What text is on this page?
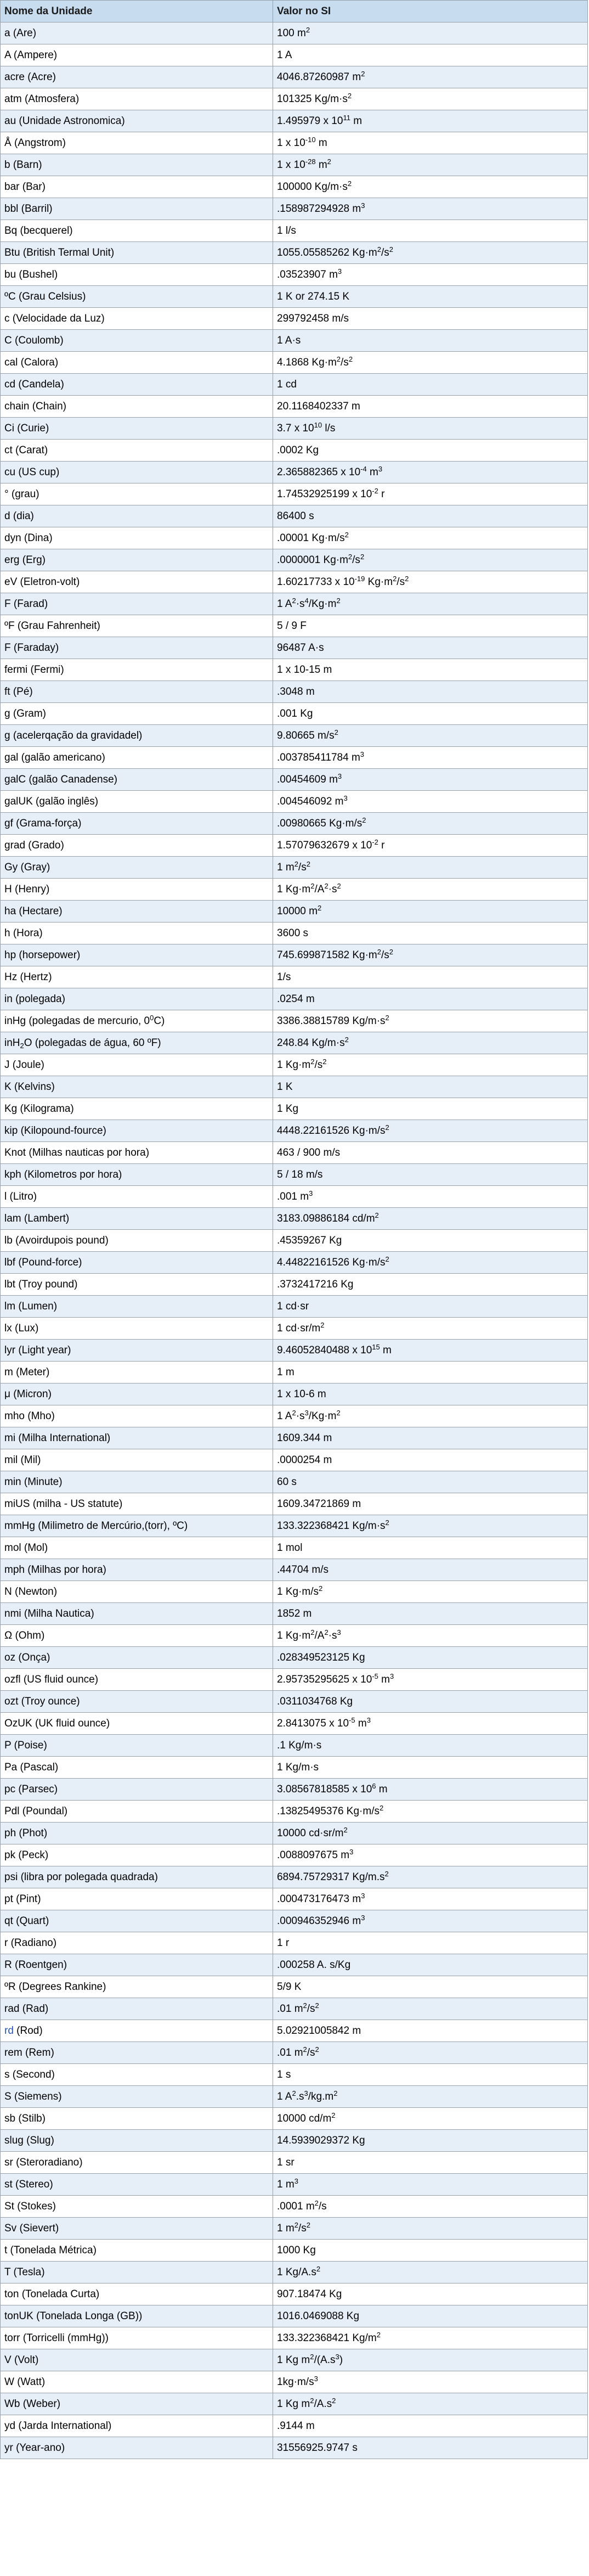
Nome da Unidade	Valor no SI
a (Are)	100 $m^2$
A (Ampere)	1 A
acre (Acre)	4046.87260987 $m^2$
atm (Atmosfera)	101325 $Kg/m\cdot s^2$
au (Unidade Astronomica)	1.495979 x $10^{11}$ m
Å (Angstrom)	1 x $10^{-10}$ m
b (Barn)	1 x $10^{-28}$ $m^2$
bar (Bar)	100000 $Kg/m\cdot s^2$
bbl (Barril)	.158987294928 $m^3$
Bq (becquerel)	1 l/s
Btu (British Termal Unit)	1055.05585262 $Kg\cdot m^2/s^2$
bu (Bushel)	.03523907 $m^3$
ºC (Grau Celsius)	1 K or 274.15 K
c (Velocidade da Luz)	299792458 m/s
C (Coulomb)	1 A·s
cal (Calora)	4.1868 $Kg\cdot m^2/s^2$
cd (Candela)	1 cd
chain (Chain)	20.1168402337 m
Ci (Curie)	3.7 x $10^{10}$ l/s
ct (Carat)	.0002 Kg
cu (US cup)	2.365882365 x $10^{-4}$ $m^3$
° (grau)	1.74532925199 x $10^{-2}$ r
d (dia)	86400 s
dyn (Dina)	.00001 $Kg\cdot m/s^2$
erg (Erg)	.0000001 $Kg\cdot m^2/s^2$
eV (Eletron-volt)	1.60217733 x $10^{-19}$ $Kg\cdot m^2/s^2$
F (Farad)	1 $A^2\cdot s^4/Kg\cdot m^2$
ºF (Grau Fahrenheit)	5 / 9 F
F (Faraday)	96487 A·s
fermi (Fermi)	1 x 10-15 m
ft (Pé)	.3048 m
g (Gram)	.001 Kg
g (acelerqação da gravidadel)	9.80665 $m/s^2$
gal (galão americano)	.003785411784 $m^3$
galC (galão Canadense)	.00454609 $m^3$
galUK (galão inglês)	.004546092 $m^3$
gf (Grama-força)	.00980665 $Kg\cdot m/s^2$
grad (Grado)	1.57079632679 x $10^{-2}$ r
Gy (Gray)	1 $m^2/s^2$
H (Henry)	1 $Kg\cdot m^2/A^2\cdot s^2$
ha (Hectare)	10000 $m^2$
h (Hora)	3600 s
hp (horsepower)	745.699871582 $Kg\cdot m^2/s^2$
Hz (Hertz)	1/s
in (polegada)	.0254 m
inHg (polegadas de mercurio, $0^0C$)	3386.38815789 $Kg/m\cdot s^2$
inH$_2$O (polegadas de água, 60 ºF)	248.84 $Kg/m\cdot s^2$
J (Joule)	1 $Kg\cdot m^2/s^2$
K (Kelvins)	1 K
Kg (Kilograma)	1 Kg
kip (Kilopound-fource)	4448.22161526 $Kg\cdot m/s^2$
Knot (Milhas nauticas por hora)	463 / 900 m/s
kph (Kilometros por hora)	5 / 18 m/s
l (Litro)	.001 $m^3$
lam (Lambert)	3183.09886184 $cd/m^2$
lb (Avoirdupois pound)	.45359267 Kg
lbf (Pound-force)	4.44822161526 $Kg\cdot m/s^2$
lbt (Troy pound)	.3732417216 Kg
lm (Lumen)	1 cd·sr
lx (Lux)	1 $cd\cdot sr/m^2$
lyr (Light year)	9.46052840488 x $10^{15}$ m
m (Meter)	1 m
μ (Micron)	1 x 10-6 m
mho (Mho)	1 $A^2\cdot s^3/Kg\cdot m^2$
mi (Milha International)	1609.344 m
mil (Mil)	.0000254 m
min (Minute)	60 s
miUS (milha - US statute)	1609.34721869 m
mmHg (Milimetro de Mercúrio,(torr), ºC)	133.322368421 $Kg/m\cdot s^2$
mol (Mol)	1 mol
mph (Milhas por hora)	.44704 m/s
N (Newton)	1 $Kg\cdot m/s^2$
nmi (Milha Nautica)	1852 m
Ω (Ohm)	1 $Kg\cdot m^2/A^2\cdot s^3$
oz (Onça)	.028349523125 Kg
ozfl (US fluid ounce)	2.95735295625 x $10^{-5}$ $m^3$
ozt (Troy ounce)	.0311034768 Kg
OzUK (UK fluid ounce)	2.8413075 x $10^{-5}$ $m^3$
P (Poise)	.1 Kg/m·s
Pa (Pascal)	1 Kg/m·s
pc (Parsec)	3.08567818585 x $10^6$ m
Pdl (Poundal)	.13825495376 $Kg\cdot m/s^2$
ph (Phot)	10000 $cd\cdot sr/m^2$
pk (Peck)	.0088097675 $m^3$
psi (libra por polegada quadrada)	6894.75729317 $Kg/m.s^2$
pt (Pint)	.000473176473 $m^3$
qt (Quart)	.000946352946 $m^3$
r (Radiano)	1 r
R (Roentgen)	.000258 A. s/Kg
ºR (Degrees Rankine)	5/9 K
rad (Rad)	.01 $m^2/s^2$
rd (Rod)	5.02921005842 m
rem (Rem)	.01 $m^2/s^2$
s (Second)	1 s
S (Siemens)	1 $A^2.s^3/kg.m^2$
sb (Stilb)	10000 $cd/m^2$
slug (Slug)	14.5939029372 Kg
sr (Steroradiano)	1 sr
st (Stereo)	1 $m^3$
St (Stokes)	.0001 $m^2/s$
Sv (Sievert)	1 $m^2/s^2$
t (Tonelada Métrica)	1000 Kg
T (Tesla)	1 $Kg/A.s^2$
ton (Tonelada Curta)	907.18474 Kg
tonUK (Tonelada Longa (GB))	1016.0469088 Kg
torr (Torricelli (mmHg))	133.322368421 $Kg/m^2$
V (Volt)	1 Kg $m^2/(A.s^3)$
W (Watt)	$1kg\cdot m/s^3$
Wb (Weber)	1 Kg $m^2/A.s^2$
yd (Jarda International)	.9144 m
yr (Year-ano)	31556925.9747 s
